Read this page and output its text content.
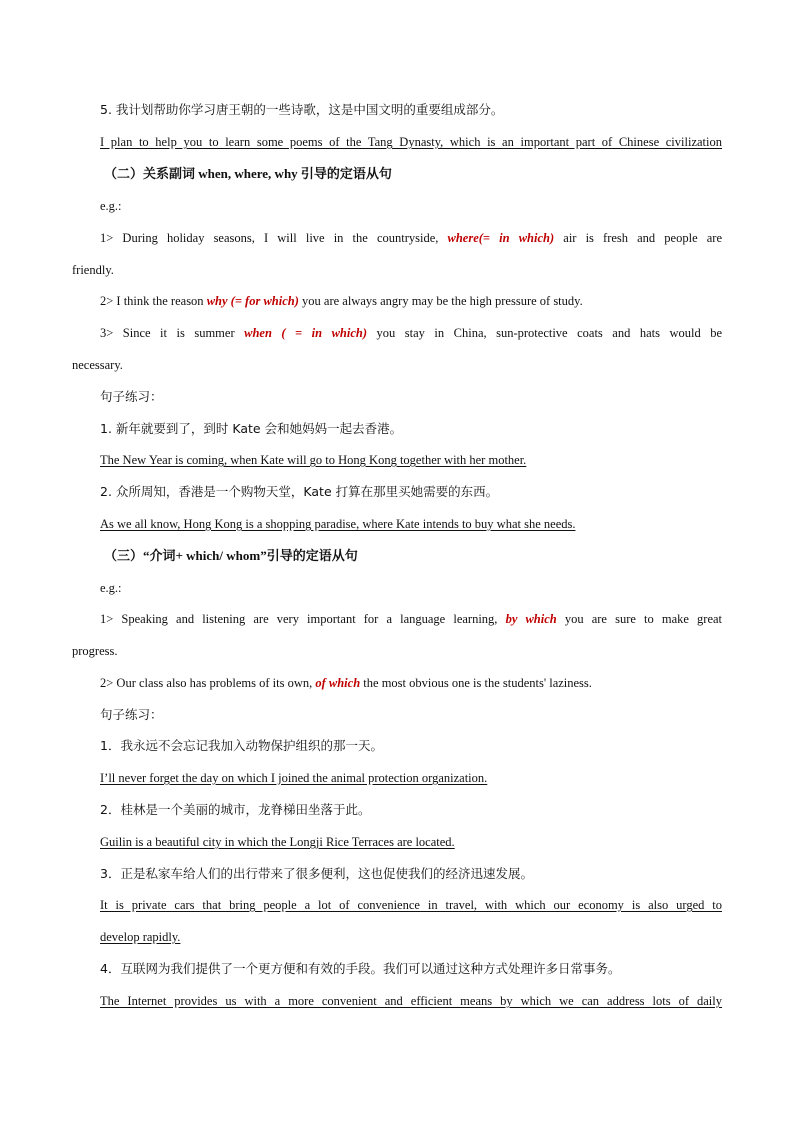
5. 我计划帮助你学习唐王朝的一些诗歌，这是中国文明的重要组成部分。
I plan to help you to learn some poems of the Tang Dynasty, which is an important part of Chinese civilization
（二）关系副词 when, where, why 引导的定语从句
e.g.:
1> During holiday seasons, I will live in the countryside, where(= in which) air is fresh and people are
friendly.
2> I think the reason why (= for which) you are always angry may be the high pressure of study.
3> Since it is summer when ( = in which) you stay in China, sun-protective coats and hats would be
necessary.
句子练习：
1. 新年就要到了，到时 Kate 会和她妈妈一起去香港。
The New Year is coming, when Kate will go to Hong Kong together with her mother.
2. 众所周知，香港是一个购物天堂，Kate 打算在那里买她需要的东西。
As we all know, Hong Kong is a shopping paradise, where Kate intends to buy what she needs.
（三）“介词+ which/ whom”引导的定语从句
e.g.:
1> Speaking and listening are very important for a language learning, by which you are sure to make great
progress.
2> Our class also has problems of its own, of which the most obvious one is the students' laziness.
句子练习：
1．我永远不会忘记我加入动物保护组织的那一天。
I’ll never forget the day on which I joined the animal protection organization.
2．桂林是一个美丽的城市，龙脊梯田坐落于此。
Guilin is a beautiful city in which the Longji Rice Terraces are located.
3．正是私家车给人们的出行带来了很多便利，这也促使我们的经济迅速发展。
It is private cars that bring people a lot of convenience in travel, with which our economy is also urged to
develop rapidly.
4．互联网为我们提供了一个更方便和有效的手段。我们可以通过这种方式处理许多日常事务。
The Internet provides us with a more convenient and efficient means by which we can address lots of daily
